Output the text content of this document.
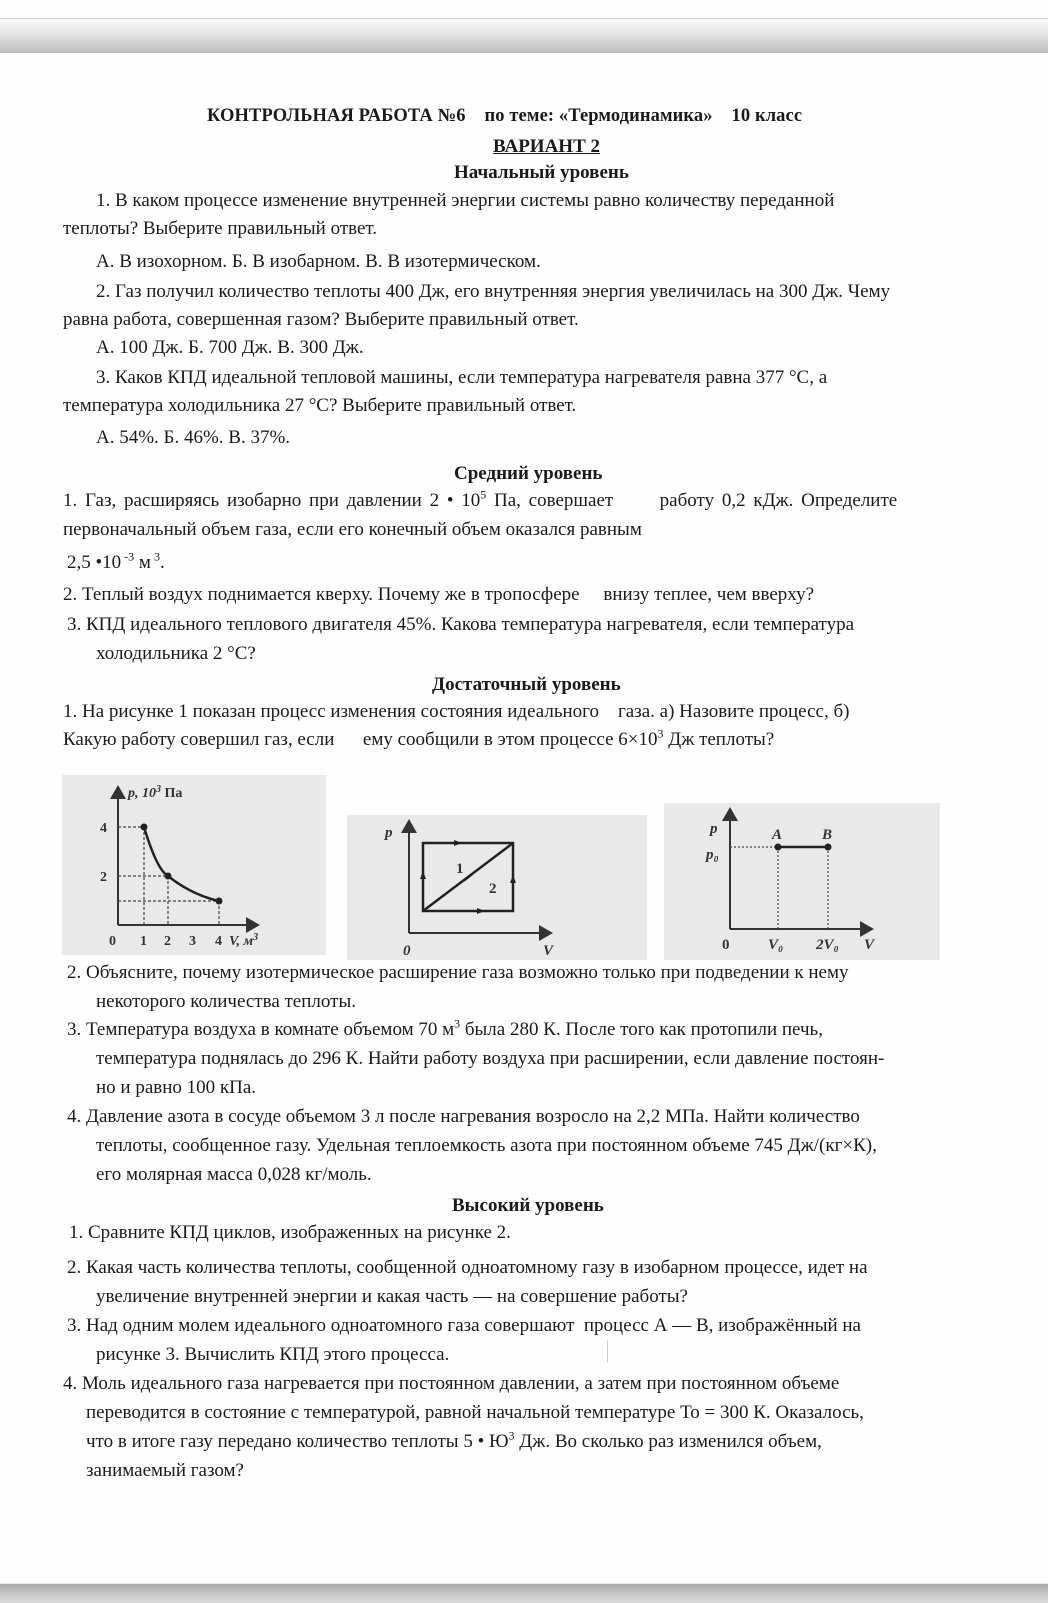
КОНТРОЛЬНАЯ РАБОТА №6 по теме: «Термодинамика» 10 класс
ВАРИАНТ 2
Начальный уровень
1. В каком процессе изменение внутренней энергии системы равно количеству переданной
теплоты? Выберите правильный ответ.
А. В изохорном. Б. В изобарном. В. В изотермическом.
2. Газ получил количество теплоты 400 Дж, его внутренняя энергия увеличилась на 300 Дж. Чему
равна работа, совершенная газом? Выберите правильный ответ.
А. 100 Дж. Б. 700 Дж. В. 300 Дж.
3. Каков КПД идеальной тепловой машины, если температура нагревателя равна 377 °С, а
температура холодильника 27 °С? Выберите правильный ответ.
А. 54%. Б. 46%. В. 37%.
Средний уровень
1. Газ, расширяясь изобарно при давлении 2 • $10^5$ Па, совершает      работу 0,2 кДж. Определите
первоначальный объем газа, если его конечный объем оказался равным
2,5 •10 $^{-3}$ м $^3$.
2. Теплый воздух поднимается кверху. Почему же в тропосфере     внизу теплее, чем вверху?
3. КПД идеального теплового двигателя 45%. Какова температура нагревателя, если температура
холодильника 2 °С?
Достаточный уровень
1. На рисунке 1 показан процесс изменения состояния идеального    газа. а) Назовите процесс, б)
Какую работу совершил газ, если      ему сообщили в этом процессе $6\times 10^3$ Дж теплоты?
p, $10^3$ Па
4
2
0 1 2 3 4 V, $м^3$
p
1
2
0	V
p
p₀
A	B
0	V₀ 2V₀ V
2. Объясните, почему изотермическое расширение газа возможно только при подведении к нему
некоторого количества теплоты.
3. Температура воздуха в комнате объемом 70 $м^3$ была 280 К. После того как протопили печь,
температура поднялась до 296 К. Найти работу воздуха при расширении, если давление постоян-
но и равно 100 кПа.
4. Давление азота в сосуде объемом 3 л после нагревания возросло на 2,2 МПа. Найти количество
теплоты, сообщенное газу. Удельная теплоемкость азота при постоянном объеме 745 Дж/(кг×К),
его молярная масса 0,028 кг/моль.
Высокий уровень
1. Сравните КПД циклов, изображенных на рисунке 2.
2. Какая часть количества теплоты, сообщенной одноатомному газу в изобарном процессе, идет на
увеличение внутренней энергии и какая часть — на совершение работы?
3. Над одним молем идеального одноатомного газа совершают  процесс А — В, изображённый на
рисунке 3. Вычислить КПД этого процесса.
4. Моль идеального газа нагревается при постоянном давлении, а затем при постоянном объеме
переводится в состояние с температурой, равной начальной температуре То = 300 К. Оказалось,
что в итоге газу передано количество теплоты 5 • $Ю^3$ Дж. Во сколько раз изменился объем,
занимаемый газом?
